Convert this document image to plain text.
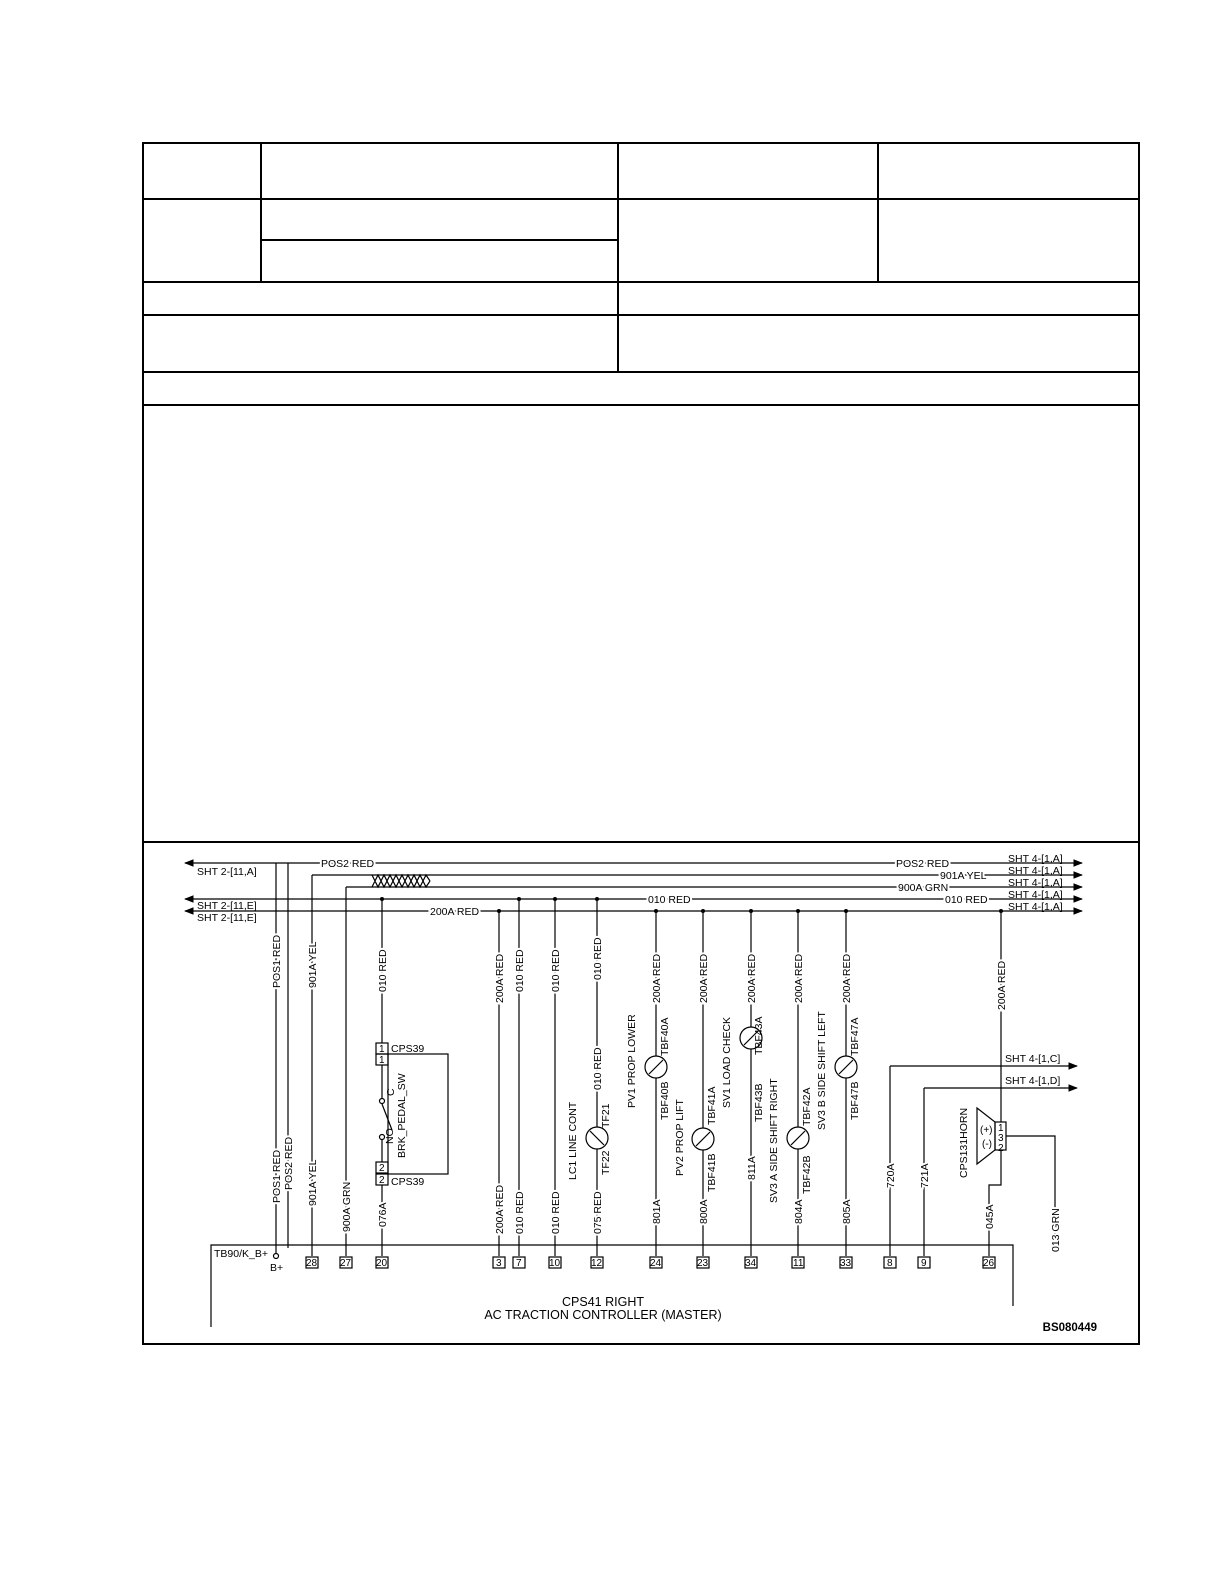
SHT 2-[11,A]
SHT 2-[11,E]
SHT 2-[11,E]
SHT 4-[1,A]
SHT 4-[1,A]
SHT 4-[1,A]
SHT 4-[1,A]
SHT 4-[1,A]
SHT 4-[1,C]
SHT 4-[1,D]
POS2 RED	POS2 RED
901A YEL
900A GRN
010 RED	010 RED
200A RED
POS1 RED 901A YEL	010 RED	200A RED 010 RED 010 RED	010 RED	200A RED	200A RED	200A RED	200A RED	200A RED	200A RED
010 RED
POS1 RED POS2 RED 901A YEL 900A GRN 076A	200A RED 010 RED 010 RED	075 RED	801A	800A
811A
804A	805A
720A 721A
045A	013 GRN
CPS39
CPS39
1
1
2
2
BRK_PEDAL_SW
C
NO	LC1 LINE CONT TF21
TF22
PV1 PROP LOWER TBF40A
TBF40B PV2 PROP LIFT TBF41A
TBF41B
SV1 LOAD CHECK TBF43A
TBF43B SV3 A SIDE SHIFT RIGHT TBF42A
TBF42B
SV3 B SIDE SHIFT LEFT TBF47A
TBF47B
CPS131HORN (+)
(-)
1
3
2
TB90/K_B+
B+ 28 27 20	3 7	10	12	24	23	34	11	33	8	9	26
CPS41 RIGHT
AC TRACTION CONTROLLER (MASTER)
BS080449
